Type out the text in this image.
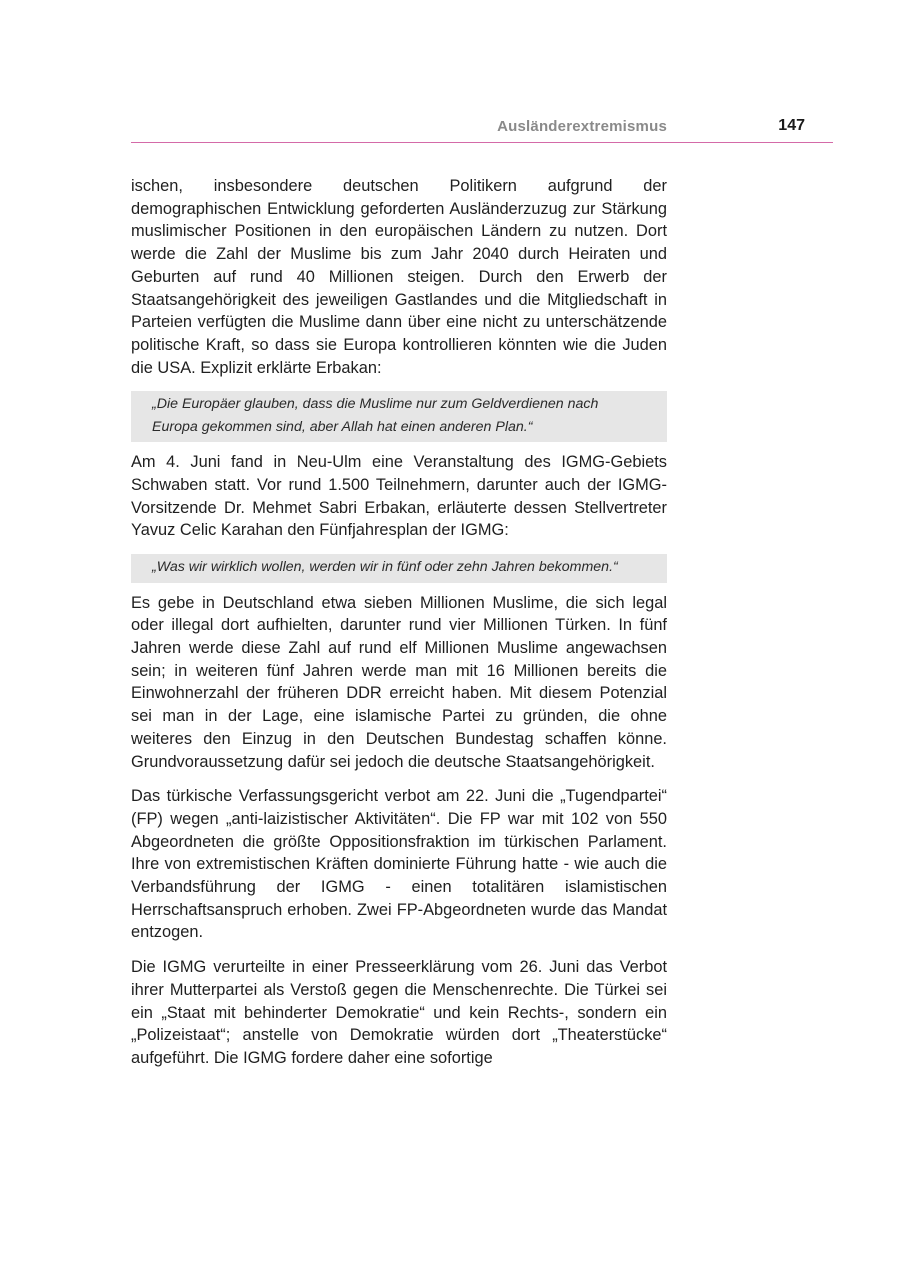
Ausländerextremismus	147

ischen, insbesondere deutschen Politikern aufgrund der demographischen Entwicklung geforderten Ausländerzuzug zur Stärkung muslimischer Positionen in den europäischen Ländern zu nutzen. Dort werde die Zahl der Muslime bis zum Jahr 2040 durch Heiraten und Geburten auf rund 40 Millionen steigen. Durch den Erwerb der Staatsangehörigkeit des jeweiligen Gastlandes und die Mitgliedschaft in Parteien verfügten die Muslime dann über eine nicht zu unterschätzende politische Kraft, so dass sie Europa kontrollieren könnten wie die Juden die USA. Explizit erklärte Erbakan:

„Die Europäer glauben, dass die Muslime nur zum Geldverdienen nach Europa gekommen sind, aber Allah hat einen anderen Plan.“

Am 4. Juni fand in Neu-Ulm eine Veranstaltung des IGMG-Gebiets Schwaben statt. Vor rund 1.500 Teilnehmern, darunter auch der IGMG-Vorsitzende Dr. Mehmet Sabri Erbakan, erläuterte dessen Stellvertreter Yavuz Celic Karahan den Fünfjahresplan der IGMG:

„Was wir wirklich wollen, werden wir in fünf oder zehn Jahren bekommen.“

Es gebe in Deutschland etwa sieben Millionen Muslime, die sich legal oder illegal dort aufhielten, darunter rund vier Millionen Türken. In fünf Jahren werde diese Zahl auf rund elf Millionen Muslime angewachsen sein; in weiteren fünf Jahren werde man mit 16 Millionen bereits die Einwohnerzahl der früheren DDR erreicht haben. Mit diesem Potenzial sei man in der Lage, eine islamische Partei zu gründen, die ohne weiteres den Einzug in den Deutschen Bundestag schaffen könne. Grundvoraussetzung dafür sei jedoch die deutsche Staatsangehörigkeit.

Das türkische Verfassungsgericht verbot am 22. Juni die „Tugendpartei“ (FP) wegen „anti-laizistischer Aktivitäten“. Die FP war mit 102 von 550 Abgeordneten die größte Oppositionsfraktion im türkischen Parlament. Ihre von extremistischen Kräften dominierte Führung hatte - wie auch die Verbandsführung der IGMG - einen totalitären islamistischen Herrschaftsanspruch erhoben. Zwei FP-Abgeordneten wurde das Mandat entzogen.

Die IGMG verurteilte in einer Presseerklärung vom 26. Juni das Verbot ihrer Mutterpartei als Verstoß gegen die Menschenrechte. Die Türkei sei ein „Staat mit behinderter Demokratie“ und kein Rechts-, sondern ein „Polizeistaat“; anstelle von Demokratie würden dort „Theaterstücke“ aufgeführt. Die IGMG fordere daher eine sofortige
